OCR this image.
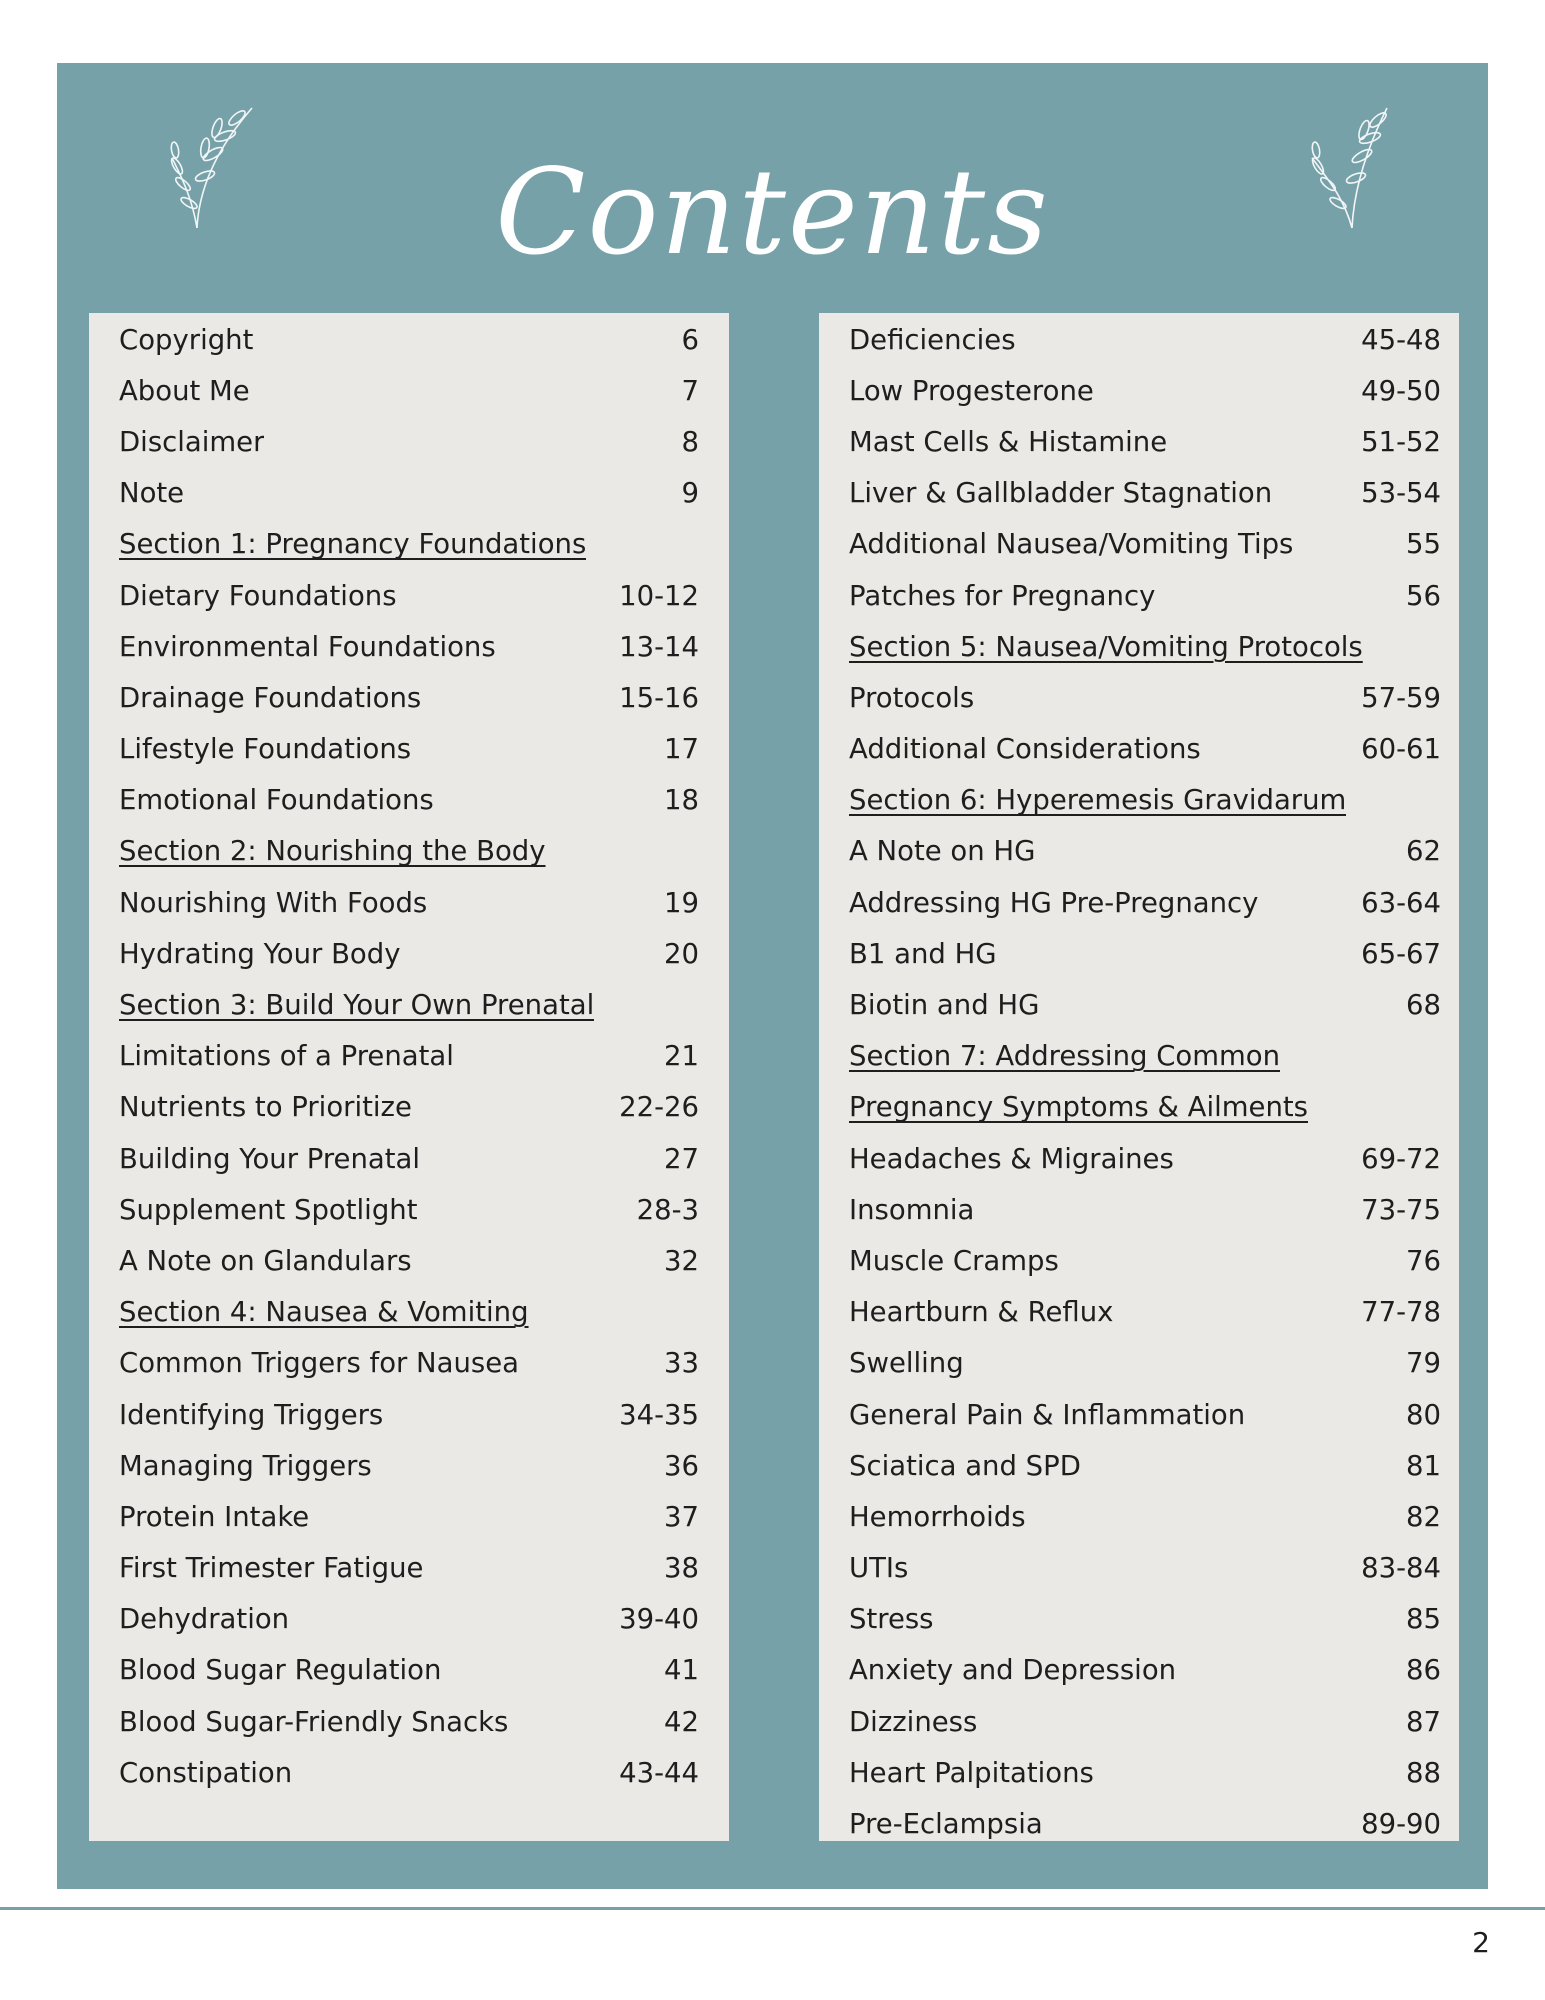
Contents
Copyright	6
About Me	7
Disclaimer	8
Note	9
Section 1: Pregnancy Foundations
Dietary Foundations	10-12
Environmental Foundations	13-14
Drainage Foundations	15-16
Lifestyle Foundations	17
Emotional Foundations	18
Section 2: Nourishing the Body
Nourishing With Foods	19
Hydrating Your Body	20
Section 3: Build Your Own Prenatal
Limitations of a Prenatal	21
Nutrients to Prioritize	22-26
Building Your Prenatal	27
Supplement Spotlight	28-3
A Note on Glandulars	32
Section 4: Nausea & Vomiting
Common Triggers for Nausea	33
Identifying Triggers	34-35
Managing Triggers	36
Protein Intake	37
First Trimester Fatigue	38
Dehydration	39-40
Blood Sugar Regulation	41
Blood Sugar-Friendly Snacks	42
Constipation	43-44
Deficiencies	45-48
Low Progesterone	49-50
Mast Cells & Histamine	51-52
Liver & Gallbladder Stagnation	53-54
Additional Nausea/Vomiting Tips	55
Patches for Pregnancy	56
Section 5: Nausea/Vomiting Protocols
Protocols	57-59
Additional Considerations	60-61
Section 6: Hyperemesis Gravidarum
A Note on HG	62
Addressing HG Pre-Pregnancy	63-64
B1 and HG	65-67
Biotin and HG	68
Section 7: Addressing Common
Pregnancy Symptoms & Ailments
Headaches & Migraines	69-72
Insomnia	73-75
Muscle Cramps	76
Heartburn & Reflux	77-78
Swelling	79
General Pain & Inflammation	80
Sciatica and SPD	81
Hemorrhoids	82
UTIs	83-84
Stress	85
Anxiety and Depression	86
Dizziness	87
Heart Palpitations	88
Pre-Eclampsia	89-90
2
